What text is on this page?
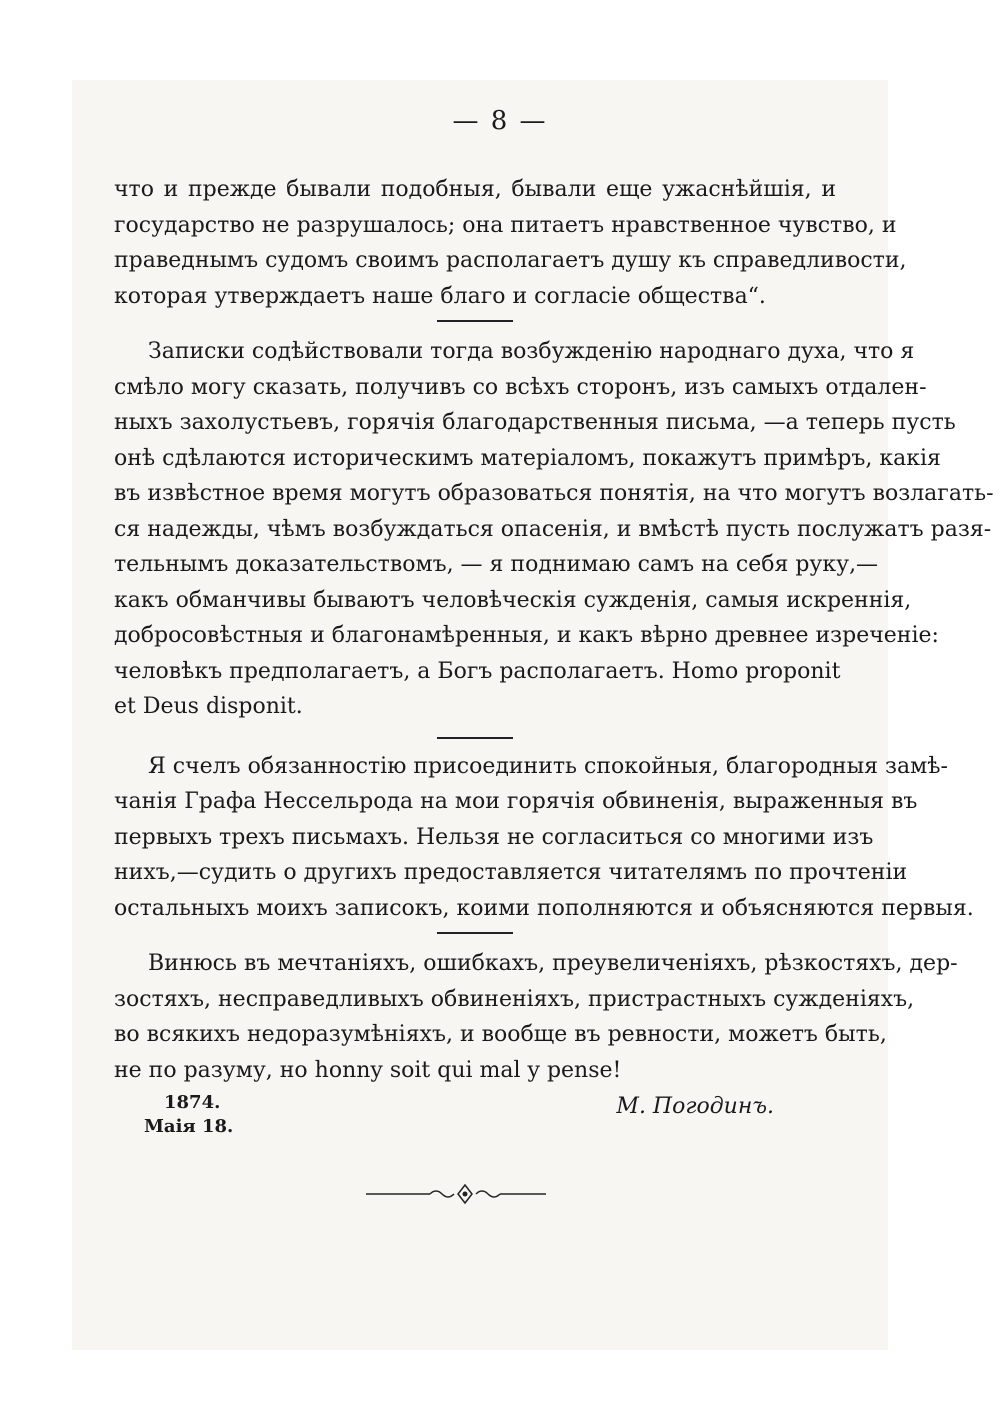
— 8 —
что и прежде бывали подобныя, бывали еще ужаснѣйшія, и
государство не разрушалось; она питаетъ нравственное чувство, и
праведнымъ судомъ своимъ располагаетъ душу къ справедливости,
которая утверждаетъ наше благо и согласіе общества“.
Записки содѣйствовали тогда возбужденію народнаго духа, что я
смѣло могу сказать, получивъ со всѣхъ сторонъ, изъ самыхъ отдален-
ныхъ захолустьевъ, горячія благодарственныя письма, —а теперь пусть
онѣ сдѣлаются историческимъ матеріаломъ, покажутъ примѣръ, какія
въ извѣстное время могутъ образоваться понятія, на что могутъ возлагать-
ся надежды, чѣмъ возбуждаться опасенія, и вмѣстѣ пусть послужатъ разя-
тельнымъ доказательствомъ, — я поднимаю самъ на себя руку,—
какъ обманчивы бываютъ человѣческія сужденія, самыя искреннія,
добросовѣстныя и благонамѣренныя, и какъ вѣрно древнее изреченіе:
человѣкъ предполагаетъ, а Богъ располагаетъ. Homo proponit
et Deus disponit.
Я счелъ обязанностію присоединить спокойныя, благородныя замѣ-
чанія Графа Нессельрода на мои горячія обвиненія, выраженныя въ
первыхъ трехъ письмахъ. Нельзя не согласиться со многими изъ
нихъ,—судить о другихъ предоставляется читателямъ по прочтеніи
остальныхъ моихъ записокъ, коими пополняются и объясняются первыя.
Винюсь въ мечтаніяхъ, ошибкахъ, преувеличеніяхъ, рѣзкостяхъ, дер-
зостяхъ, несправедливыхъ обвиненіяхъ, пристрастныхъ сужденіяхъ,
во всякихъ недоразумѣніяхъ, и вообще въ ревности, можетъ быть,
не по разуму, но honny soit qui mal y pense!
1874.
Маія 18.
М. Погодинъ.
